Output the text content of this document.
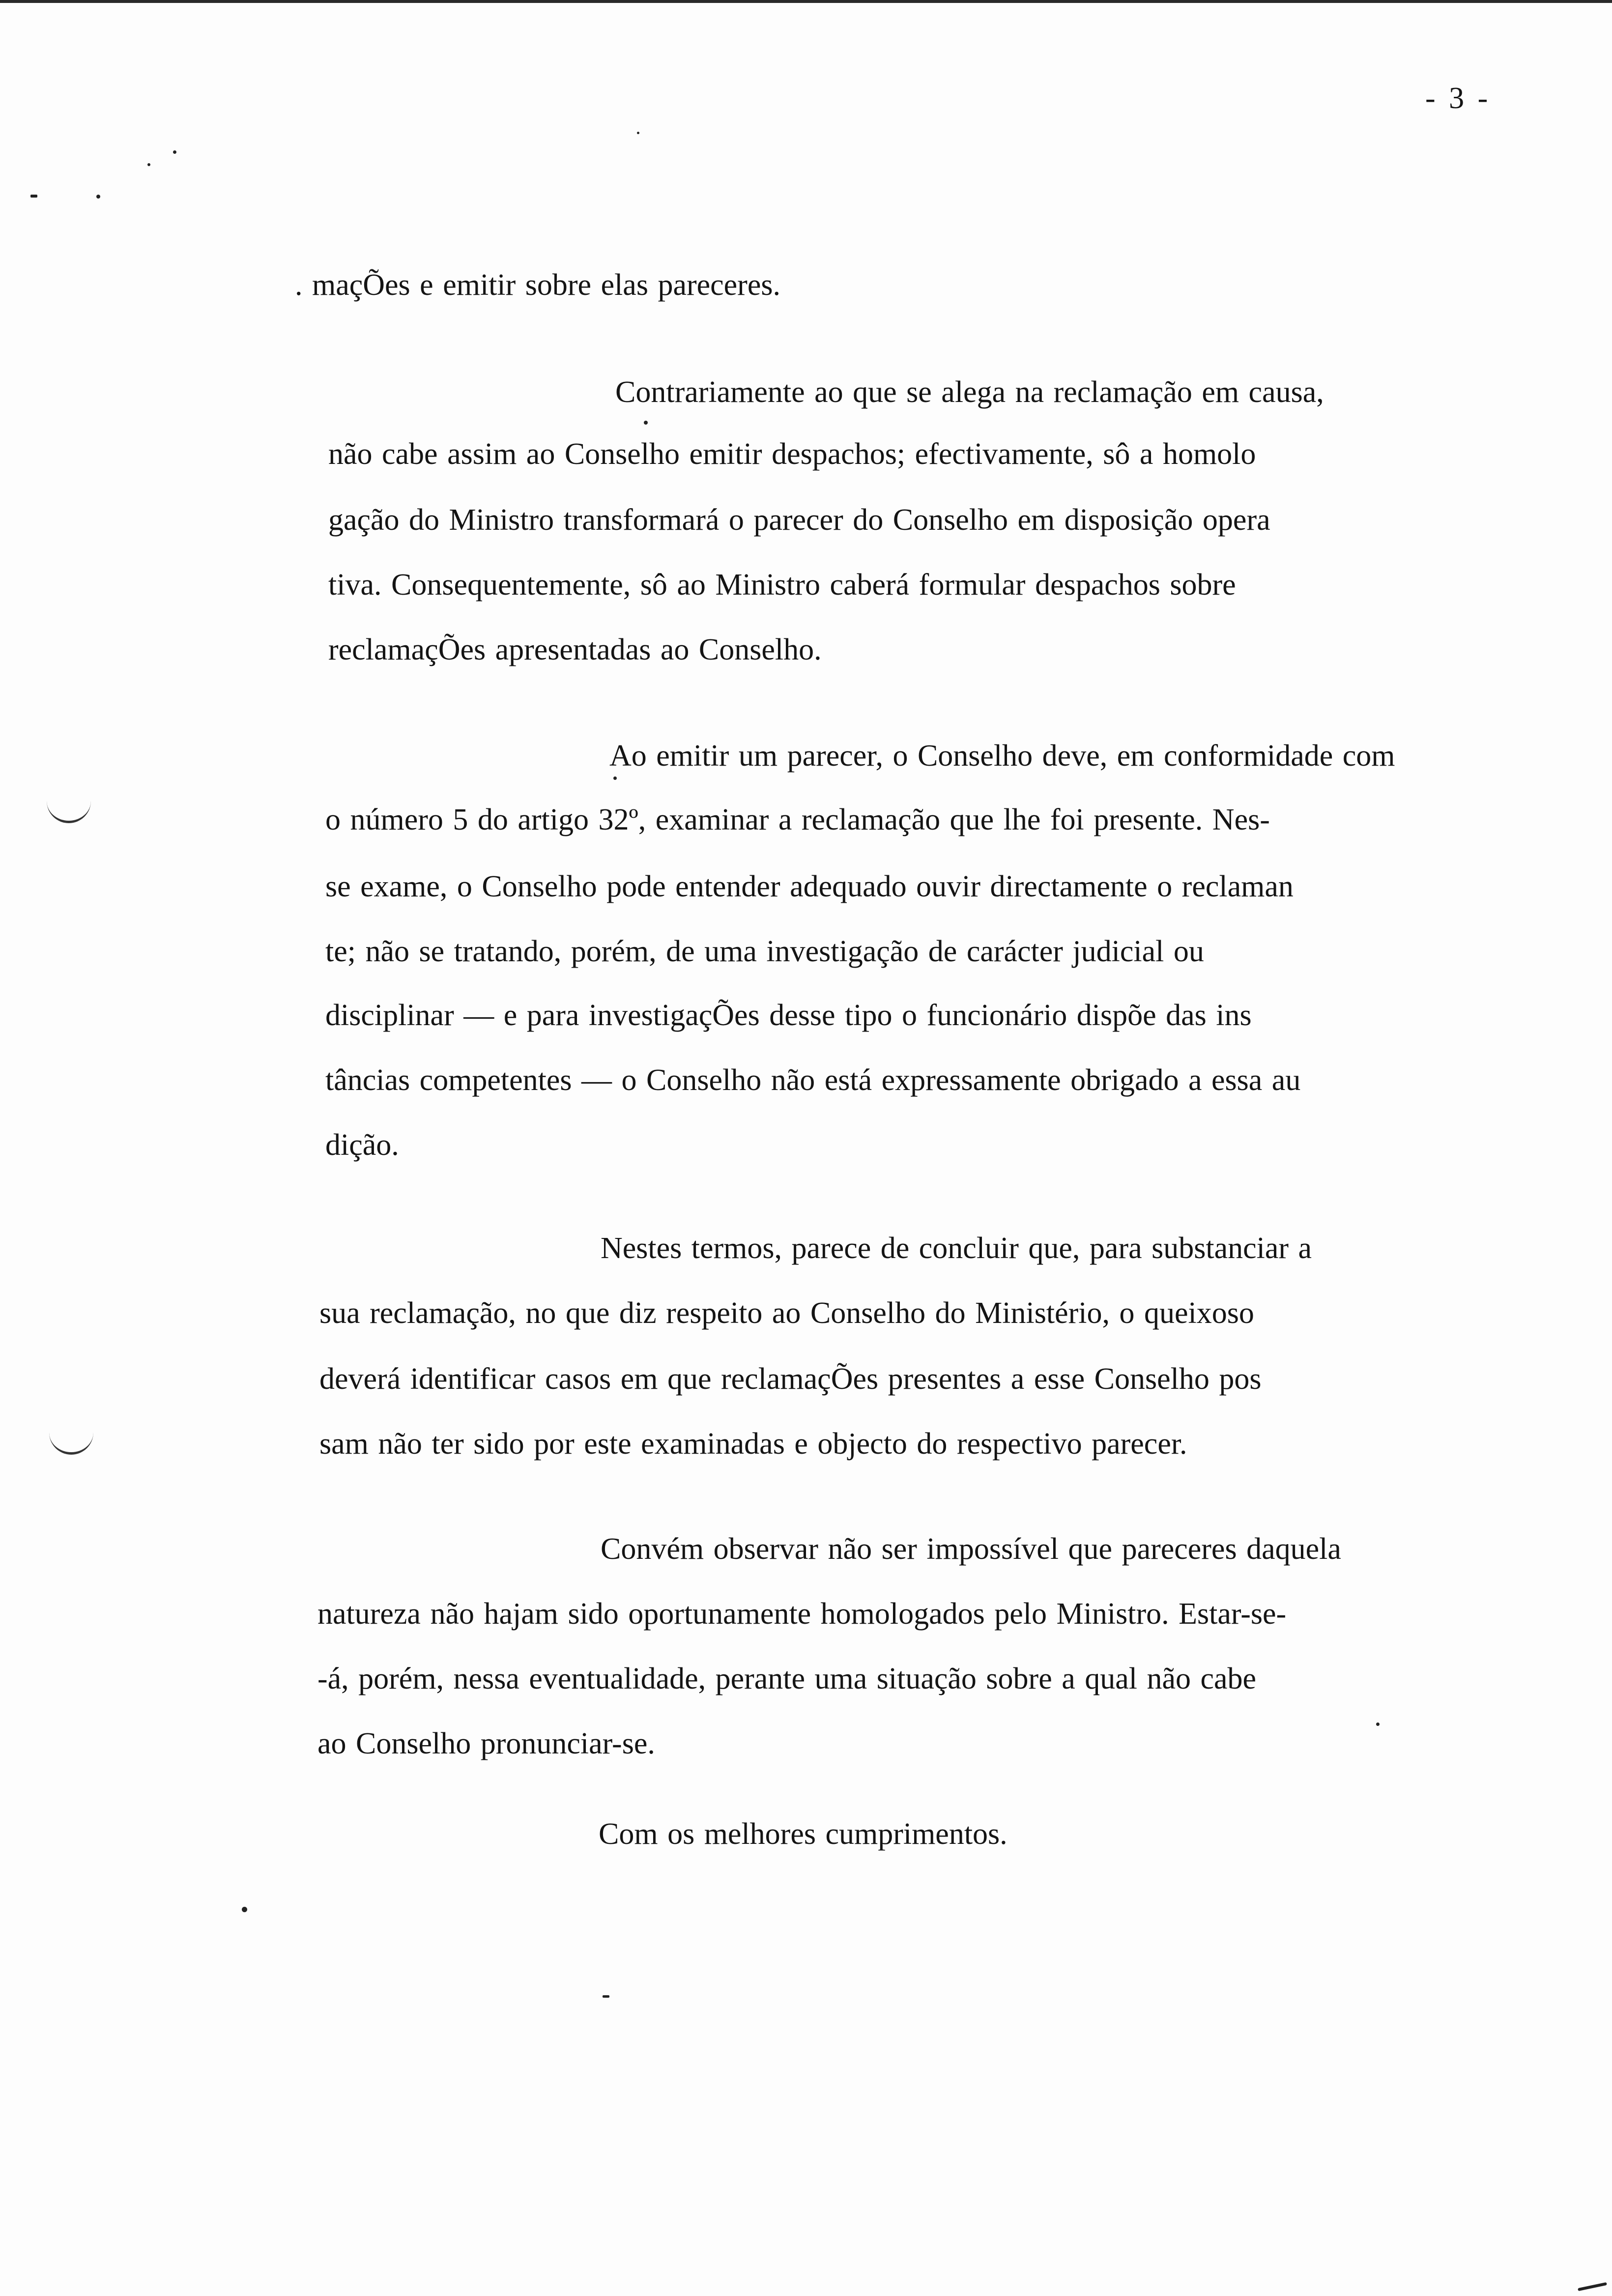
- 3 -
. maçÕes e emitir sobre elas pareceres.
Contrariamente ao que se alega na reclamação em causa,
não cabe assim ao Conselho emitir despachos; efectivamente, sô a homolo
gação do Ministro transformará o parecer do Conselho em disposição opera
tiva. Consequentemente, sô ao Ministro caberá formular despachos sobre
reclamaçÕes apresentadas ao Conselho.
Ao emitir um parecer, o Conselho deve, em conformidade com
o número 5 do artigo 32º, examinar a reclamação que lhe foi presente. Nes-
se exame, o Conselho pode entender adequado ouvir directamente o reclaman
te; não se tratando, porém, de uma investigação de carácter judicial ou
disciplinar — e para investigaçÕes desse tipo o funcionário dispõe das ins
tâncias competentes — o Conselho não está expressamente obrigado a essa au
dição.
Nestes termos, parece de concluir que, para substanciar a
sua reclamação, no que diz respeito ao Conselho do Ministério, o queixoso
deverá identificar casos em que reclamaçÕes presentes a esse Conselho pos
sam não ter sido por este examinadas e objecto do respectivo parecer.
Convém observar não ser impossível que pareceres daquela
natureza não hajam sido oportunamente homologados pelo Ministro. Estar-se-
-á, porém, nessa eventualidade, perante uma situação sobre a qual não cabe
ao Conselho pronunciar-se.
Com os melhores cumprimentos.
